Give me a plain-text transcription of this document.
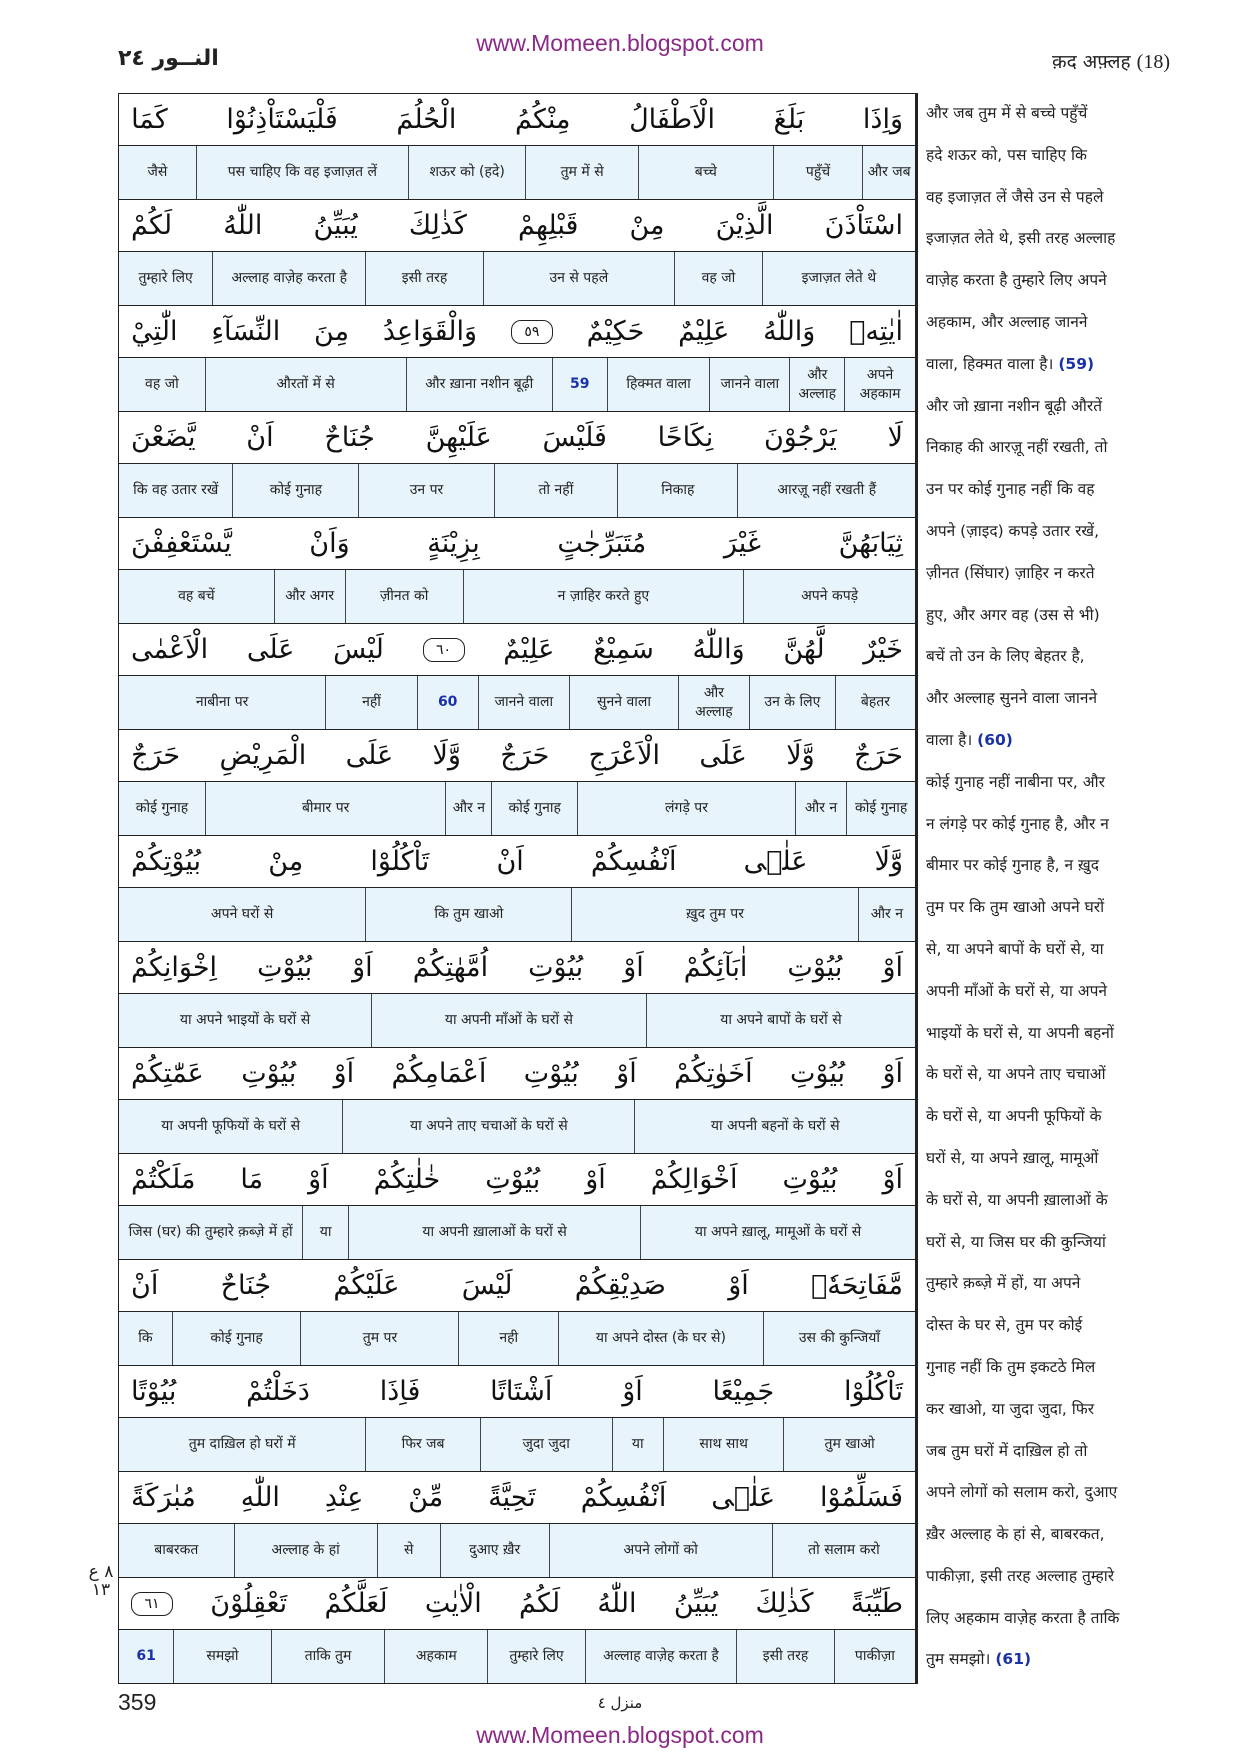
www.Momeen.blogspot.com
النــور ٢٤	क़द अफ़्लह (18)
وَاِذَا
بَلَغَ
الْاَطْفَالُ
مِنْكُمُ
الْحُلُمَ
فَلْيَسْتَاْذِنُوْا
كَمَا
और जब
पहुँचें
बच्चे
तुम में से
(हदे) शऊर को
पस चाहिए कि वह इजाज़त लें
जैसे
اسْتَاْذَنَ
الَّذِيْنَ
مِنْ
قَبْلِهِمْ
كَذٰلِكَ
يُبَيِّنُ
اللّٰهُ
لَكُمْ
इजाज़त लेते थे
वह जो
उन से पहले
इसी तरह
अल्लाह वाज़ेह करता है
तुम्हारे लिए
اٰيٰتِهٖ
وَاللّٰهُ
عَلِيْمٌ
حَكِيْمٌ
٥٩
وَالْقَوَاعِدُ
مِنَ
النِّسَآءِ
الّٰتِيْ
अपने अहकाम
और अल्लाह
जानने वाला
हिक्मत वाला
59
और ख़ाना नशीन बूढ़ी
औरतों में से
वह जो
لَا
يَرْجُوْنَ
نِكَاحًا
فَلَيْسَ
عَلَيْهِنَّ
جُنَاحٌ
اَنْ
يَّضَعْنَ
आरज़ू नहीं रखती हैं
निकाह
तो नहीं
उन पर
कोई गुनाह
कि वह उतार रखें
ثِيَابَهُنَّ
غَيْرَ
مُتَبَرِّجٰتٍ
بِزِيْنَةٍ
وَاَنْ
يَّسْتَعْفِفْنَ
अपने कपड़े
न ज़ाहिर करते हुए
ज़ीनत को
और अगर
वह बचें
خَيْرٌ
لَّهُنَّ
وَاللّٰهُ
سَمِيْعٌ
عَلِيْمٌ
٦٠
لَيْسَ
عَلَى
الْاَعْمٰى
बेहतर
उन के लिए
और अल्लाह
सुनने वाला
जानने वाला
60
नहीं
नाबीना पर
حَرَجٌ
وَّلَا
عَلَى
الْاَعْرَجِ
حَرَجٌ
وَّلَا
عَلَى
الْمَرِيْضِ
حَرَجٌ
कोई गुनाह
और न
लंगड़े पर
कोई गुनाह
और न
बीमार पर
कोई गुनाह
وَّلَا
عَلٰۤى
اَنْفُسِكُمْ
اَنْ
تَاْكُلُوْا
مِنْ
بُيُوْتِكُمْ
और न
ख़ुद तुम पर
कि तुम खाओ
अपने घरों से
اَوْ
بُيُوْتِ
اٰبَآئِكُمْ
اَوْ
بُيُوْتِ
اُمَّهٰتِكُمْ
اَوْ
بُيُوْتِ
اِخْوَانِكُمْ
या अपने बापों के घरों से
या अपनी माँओं के घरों से
या अपने भाइयों के घरों से
اَوْ
بُيُوْتِ
اَخَوٰتِكُمْ
اَوْ
بُيُوْتِ
اَعْمَامِكُمْ
اَوْ
بُيُوْتِ
عَمّٰتِكُمْ
या अपनी बहनों के घरों से
या अपने ताए चचाओं के घरों से
या अपनी फूफियों के घरों से
اَوْ
بُيُوْتِ
اَخْوَالِكُمْ
اَوْ
بُيُوْتِ
خٰلٰتِكُمْ
اَوْ
مَا
مَلَكْتُمْ
या अपने ख़ालू, मामूओं के घरों से
या अपनी ख़ालाओं के घरों से
या
जिस (घर) की तुम्हारे क़ब्ज़े में हों
مَّفَاتِحَهٗۤ
اَوْ
صَدِيْقِكُمْ
لَيْسَ
عَلَيْكُمْ
جُنَاحٌ
اَنْ
उस की कुन्जियाँ
या अपने दोस्त (के घर से)
नही
तुम पर
कोई गुनाह
कि
تَاْكُلُوْا
جَمِيْعًا
اَوْ
اَشْتَاتًا
فَاِذَا
دَخَلْتُمْ
بُيُوْتًا
तुम खाओ
साथ साथ
या
जुदा जुदा
फिर जब
तुम दाख़िल हो घरों में
فَسَلِّمُوْا
عَلٰۤى
اَنْفُسِكُمْ
تَحِيَّةً
مِّنْ
عِنْدِ
اللّٰهِ
مُبٰرَكَةً
तो सलाम करो
अपने लोगों को
दुआए ख़ैर
से
अल्लाह के हां
बाबरकत
طَيِّبَةً
كَذٰلِكَ
يُبَيِّنُ
اللّٰهُ
لَكُمُ
الْاٰيٰتِ
لَعَلَّكُمْ
تَعْقِلُوْنَ
٦١
पाकीज़ा
इसी तरह
अल्लाह वाज़ेह करता है
तुम्हारे लिए
अहकाम
ताकि तुम
समझो
61
और जब तुम में से बच्चे पहुँचें
हदे शऊर को, पस चाहिए कि
वह इजाज़त लें जैसे उन से पहले
इजाज़त लेते थे, इसी तरह अल्लाह
वाज़ेह करता है तुम्हारे लिए अपने
अहकाम, और अल्लाह जानने
वाला, हिक्मत वाला है। (59)
और जो ख़ाना नशीन बूढ़ी औरतें
निकाह की आरज़ू नहीं रखती, तो
उन पर कोई गुनाह नहीं कि वह
अपने (ज़ाइद) कपड़े उतार रखें,
ज़ीनत (सिंघार) ज़ाहिर न करते
हुए, और अगर वह (उस से भी)
बचें तो उन के लिए बेहतर है,
और अल्लाह सुनने वाला जानने
वाला है। (60)
कोई गुनाह नहीं नाबीना पर, और
न लंगड़े पर कोई गुनाह है, और न
बीमार पर कोई गुनाह है, न ख़ुद
तुम पर कि तुम खाओ अपने घरों
से, या अपने बापों के घरों से, या
अपनी माँओं के घरों से, या अपने
भाइयों के घरों से, या अपनी बहनों
के घरों से, या अपने ताए चचाओं
के घरों से, या अपनी फूफियों के
घरों से, या अपने ख़ालू, मामूओं
के घरों से, या अपनी ख़ालाओं के
घरों से, या जिस घर की कुन्जियां
तुम्हारे क़ब्ज़े में हों, या अपने
दोस्त के घर से, तुम पर कोई
गुनाह नहीं कि तुम इकटठे मिल
कर खाओ, या जुदा जुदा, फिर
जब तुम घरों में दाख़िल हो तो
अपने लोगों को सलाम करो, दुआए
ख़ैर अल्लाह के हां से, बाबरकत,
पाकीज़ा, इसी तरह अल्लाह तुम्हारे
लिए अहकाम वाज़ेह करता है ताकि
तुम समझो। (61)
٨ ع ١٣
359	منزل ٤
www.Momeen.blogspot.com
